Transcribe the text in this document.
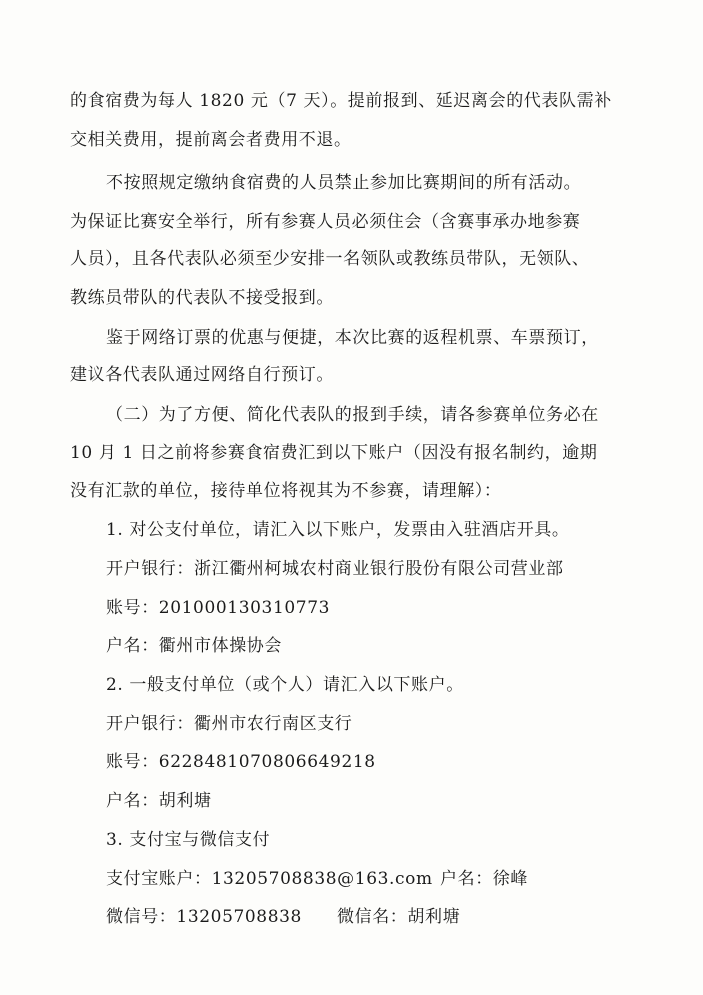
的食宿费为每人 1820 元（7 天）。提前报到、延迟离会的代表队需补
交相关费用，提前离会者费用不退。
不按照规定缴纳食宿费的人员禁止参加比赛期间的所有活动。
为保证比赛安全举行，所有参赛人员必须住会（含赛事承办地参赛
人员），且各代表队必须至少安排一名领队或教练员带队，无领队、
教练员带队的代表队不接受报到。
鉴于网络订票的优惠与便捷，本次比赛的返程机票、车票预订，
建议各代表队通过网络自行预订。
（二）为了方便、简化代表队的报到手续，请各参赛单位务必在
10 月 1 日之前将参赛食宿费汇到以下账户（因没有报名制约，逾期
没有汇款的单位，接待单位将视其为不参赛，请理解）：
1. 对公支付单位，请汇入以下账户，发票由入驻酒店开具。
开户银行：浙江衢州柯城农村商业银行股份有限公司营业部
账号：201000130310773
户名：衢州市体操协会
2. 一般支付单位（或个人）请汇入以下账户。
开户银行：衢州市农行南区支行
账号：6228481070806649218
户名：胡利塘
3. 支付宝与微信支付
支付宝账户：13205708838@163.com 户名：徐峰
微信号：13205708838 微信名：胡利塘
